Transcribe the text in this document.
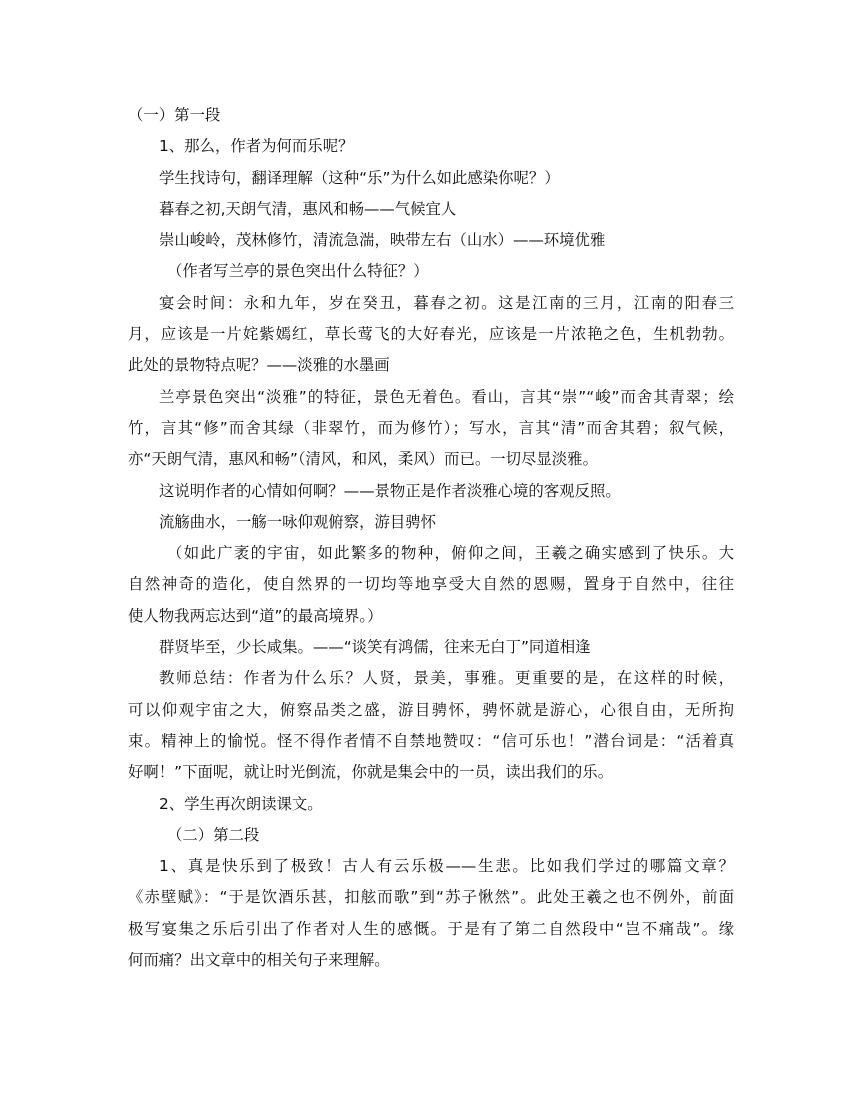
（一）第一段
1、那么，作者为何而乐呢？
学生找诗句，翻译理解（这种“乐”为什么如此感染你呢？）
暮春之初,天朗气清，惠风和畅——气候宜人
崇山峻岭，茂林修竹，清流急湍，映带左右（山水）——环境优雅
（作者写兰亭的景色突出什么特征？）
宴会时间：永和九年，岁在癸丑，暮春之初。这是江南的三月，江南的阳春三
月，应该是一片姹紫嫣红，草长莺飞的大好春光，应该是一片浓艳之色，生机勃勃。
此处的景物特点呢？——淡雅的水墨画
兰亭景色突出“淡雅”的特征，景色无着色。看山，言其“崇”“峻”而舍其青翠；绘
竹，言其“修”而舍其绿（非翠竹，而为修竹）；写水，言其“清”而舍其碧；叙气候，
亦“天朗气清，惠风和畅”（清风，和风，柔风）而已。一切尽显淡雅。
这说明作者的心情如何啊？——景物正是作者淡雅心境的客观反照。
流觞曲水，一觞一咏仰观俯察，游目骋怀
（如此广袤的宇宙，如此繁多的物种，俯仰之间，王羲之确实感到了快乐。大
自然神奇的造化，使自然界的一切均等地享受大自然的恩赐，置身于自然中，往往
使人物我两忘达到“道”的最高境界。）
群贤毕至，少长咸集。——“谈笑有鸿儒，往来无白丁”同道相逢
教师总结：作者为什么乐？人贤，景美，事雅。更重要的是，在这样的时候，
可以仰观宇宙之大，俯察品类之盛，游目骋怀，骋怀就是游心，心很自由，无所拘
束。精神上的愉悦。怪不得作者情不自禁地赞叹：“信可乐也！”潜台词是：“活着真
好啊！”下面呢，就让时光倒流，你就是集会中的一员，读出我们的乐。
2、学生再次朗读课文。
（二）第二段
1、真是快乐到了极致！古人有云乐极——生悲。比如我们学过的哪篇文章？
《赤壁赋》：“于是饮酒乐甚，扣舷而歌”到“苏子愀然”。此处王羲之也不例外，前面
极写宴集之乐后引出了作者对人生的感慨。于是有了第二自然段中“岂不痛哉”。缘
何而痛？出文章中的相关句子来理解。
